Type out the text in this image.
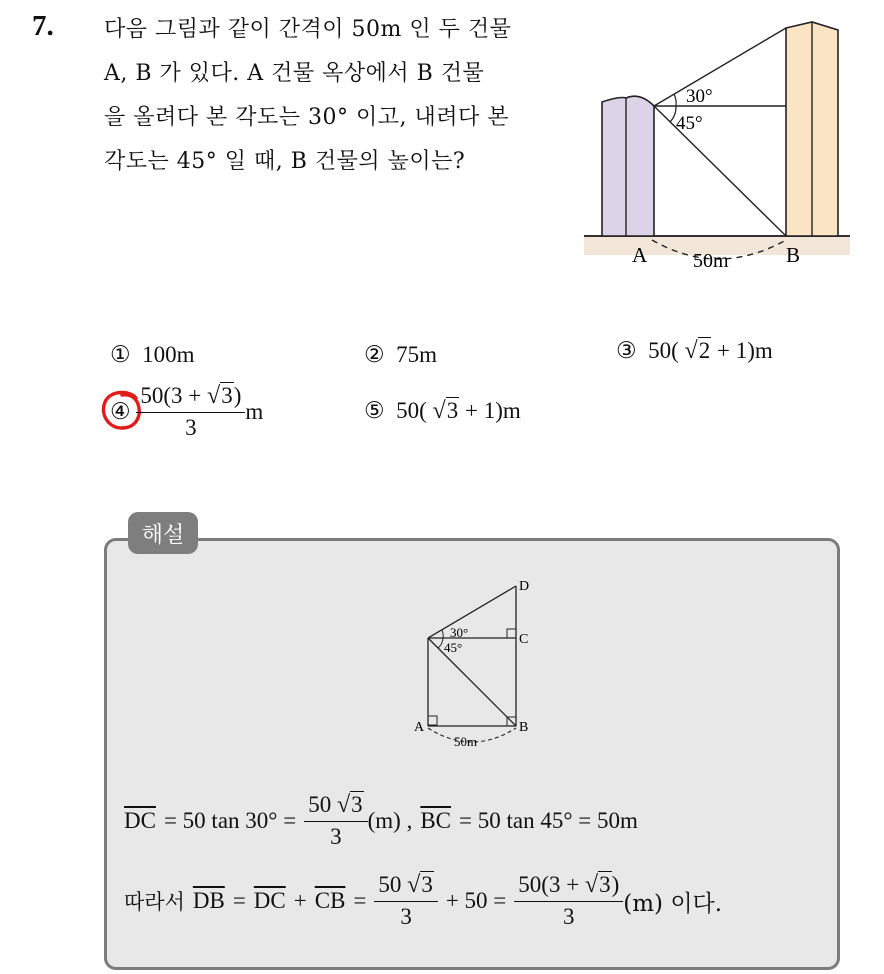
7. 다음 그림과 같이 간격이 50m 인 두 건물
A, B 가 있다. A 건물 옥상에서 B 건물
을 올려다 본 각도는 30° 이고, 내려다 본
각도는 45° 일 때, B 건물의 높이는?
30°
45°
A	B
50m
① 100m	② 75m	③ 50( √2 + 1)m
④
$\frac{50(3 + √3)}{3}$ m	⑤ 50( √3 + 1)m
해설
30°
45°
D
C
A	B
50m
$\overline{DC} = 50$ $\tan 30^\circ = \frac{50 √3}{3} (m)$ , $\overline{BC} = 50$ tan 45° = 50m
따라서 $\overline{DB} = \overline{DC} + \overline{CB} = \frac{50 √3}{3} + 50 = \frac{50(3 + √3)}{3} (m)$ 이다.
